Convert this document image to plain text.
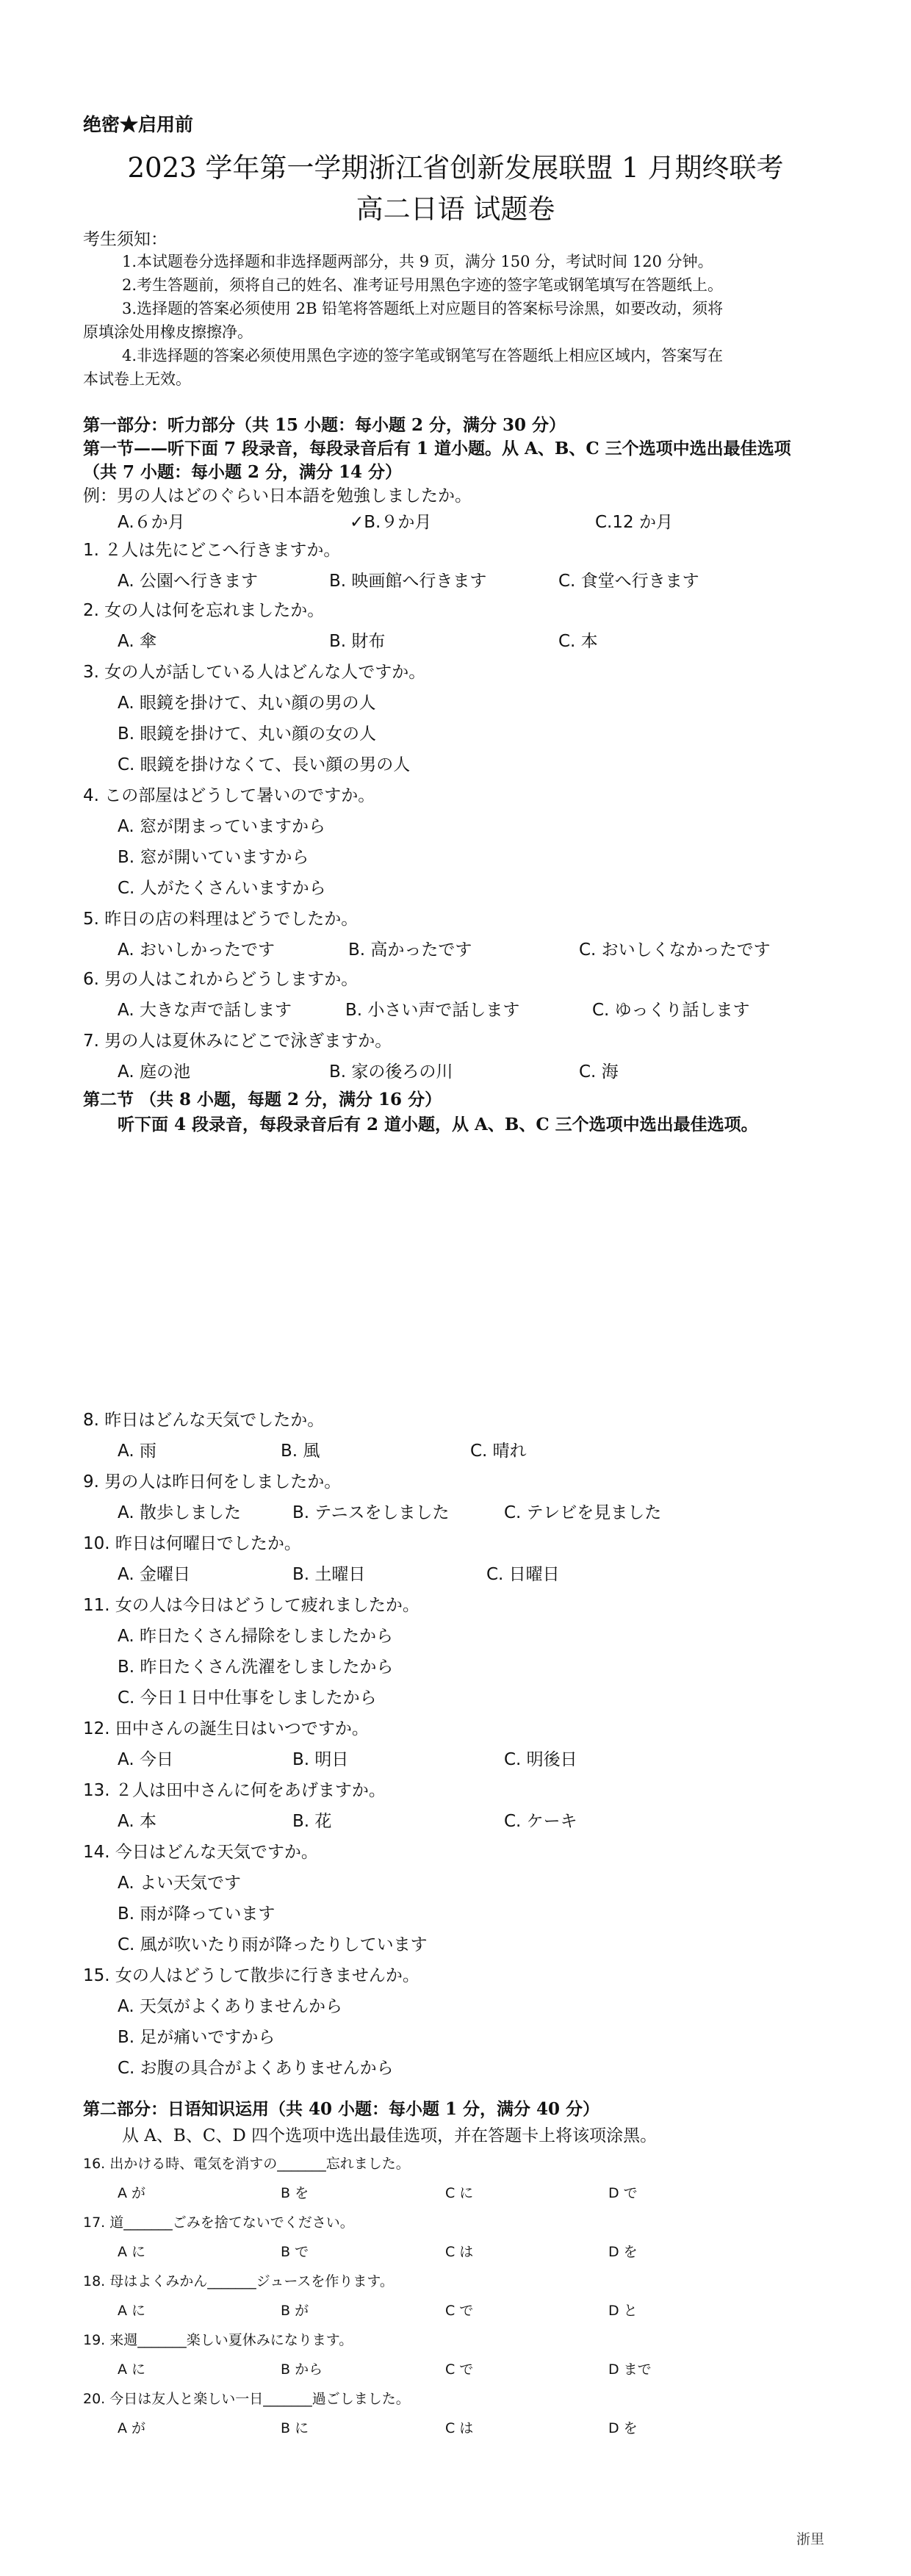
绝密★启用前
2023 学年第一学期浙江省创新发展联盟 1 月期终联考
高二日语 试题卷
考生须知：
1.本试题卷分选择题和非选择题两部分，共 9 页，满分 150 分，考试时间 120 分钟。
2.考生答题前，须将自己的姓名、准考证号用黑色字迹的签字笔或钢笔填写在答题纸上。
3.选择题的答案必须使用 2B 铅笔将答题纸上对应题目的答案标号涂黑，如要改动，须将
原填涂处用橡皮擦擦净。
4.非选择题的答案必须使用黑色字迹的签字笔或钢笔写在答题纸上相应区域内，答案写在
本试卷上无效。
第一部分：听力部分（共 15 小题：每小题 2 分，满分 30 分）
第一节——听下面 7 段录音，每段录音后有 1 道小题。从 A、B、C 三个选项中选出最佳选项
（共 7 小题：每小题 2 分，满分 14 分）
例：男の人はどのぐらい日本語を勉強しましたか。
A.６か月	✓B.９か月	C.12 か月
1. ２人は先にどこへ行きますか。
A. 公園へ行きます	B. 映画館へ行きます	C. 食堂へ行きます
2. 女の人は何を忘れましたか。
A. 傘	B. 財布	C. 本
3. 女の人が話している人はどんな人ですか。
A. 眼鏡を掛けて、丸い顔の男の人
B. 眼鏡を掛けて、丸い顔の女の人
C. 眼鏡を掛けなくて、長い顔の男の人
4. この部屋はどうして暑いのですか。
A. 窓が閉まっていますから
B. 窓が開いていますから
C. 人がたくさんいますから
5. 昨日の店の料理はどうでしたか。
A. おいしかったです	B. 高かったです	C. おいしくなかったです
6. 男の人はこれからどうしますか。
A. 大きな声で話します	B. 小さい声で話します	C. ゆっくり話します
7. 男の人は夏休みにどこで泳ぎますか。
A. 庭の池	B. 家の後ろの川	C. 海
第二节 （共 8 小题，每题 2 分，满分 16 分）
听下面 4 段录音，每段录音后有 2 道小题，从 A、B、C 三个选项中选出最佳选项。
8. 昨日はどんな天気でしたか。
A. 雨	B. 風	C. 晴れ
9. 男の人は昨日何をしましたか。
A. 散歩しました	B. テニスをしました	C. テレビを見ました
10. 昨日は何曜日でしたか。
A. 金曜日	B. 土曜日	C. 日曜日
11. 女の人は今日はどうして疲れましたか。
A. 昨日たくさん掃除をしましたから
B. 昨日たくさん洗濯をしましたから
C. 今日１日中仕事をしましたから
12. 田中さんの誕生日はいつですか。
A. 今日	B. 明日	C. 明後日
13. ２人は田中さんに何をあげますか。
A. 本	B. 花	C. ケーキ
14. 今日はどんな天気ですか。
A. よい天気です
B. 雨が降っています
C. 風が吹いたり雨が降ったりしています
15. 女の人はどうして散歩に行きませんか。
A. 天気がよくありませんから
B. 足が痛いですから
C. お腹の具合がよくありませんから
第二部分：日语知识运用（共 40 小题：每小题 1 分，满分 40 分）
从 A、B、C、D 四个选项中选出最佳选项，并在答题卡上将该项涂黑。
16. 出かける時、電気を消すの_______忘れました。
A が	B を	C に	D で
17. 道_______ごみを捨てないでください。
A に	B で	C は	D を
18. 母はよくみかん_______ジュースを作ります。
A に	B が	C で	D と
19. 来週_______楽しい夏休みになります。
A に	B から	C で	D まで
20. 今日は友人と楽しい一日_______過ごしました。
A が	B に	C は	D を
浙里
